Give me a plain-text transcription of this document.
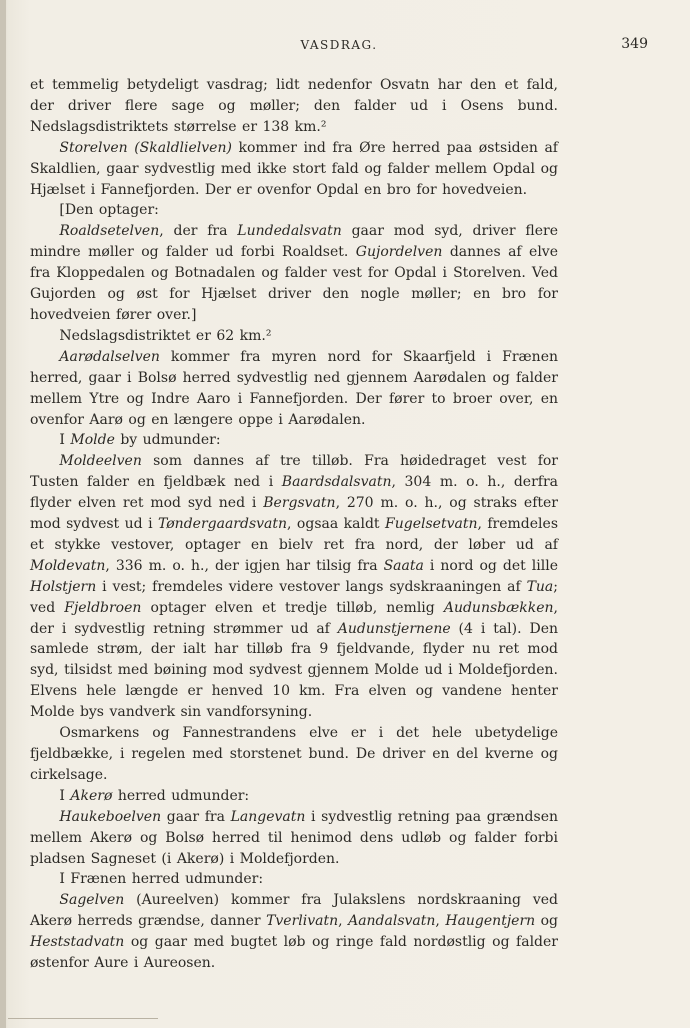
VASDRAG.	349

et temmelig betydeligt vasdrag; lidt nedenfor Osvatn har den et fald, der driver flere sage og møller; den falder ud i Osens bund. Nedslagsdistriktets størrelse er 138 km.²

Storelven (Skaldlielven) kommer ind fra Øre herred paa østsiden af Skaldlien, gaar sydvestlig med ikke stort fald og falder mellem Opdal og Hjælset i Fannefjorden. Der er ovenfor Opdal en bro for hovedveien.

[Den optager:

Roaldsetelven, der fra Lundedalsvatn gaar mod syd, driver flere mindre møller og falder ud forbi Roaldset. Gujordelven dannes af elve fra Kloppedalen og Botnadalen og falder vest for Opdal i Storelven. Ved Gujorden og øst for Hjælset driver den nogle møller; en bro for hovedveien fører over.]

Nedslagsdistriktet er 62 km.²

Aarødalselven kommer fra myren nord for Skaarfjeld i Frænen herred, gaar i Bolsø herred sydvestlig ned gjennem Aarødalen og falder mellem Ytre og Indre Aaro i Fannefjorden. Der fører to broer over, en ovenfor Aarø og en længere oppe i Aarødalen.

I Molde by udmunder:

Moldeelven som dannes af tre tilløb. Fra høidedraget vest for Tusten falder en fjeldbæk ned i Baardsdalsvatn, 304 m. o. h., derfra flyder elven ret mod syd ned i Bergsvatn, 270 m. o. h., og straks efter mod sydvest ud i Tøndergaardsvatn, ogsaa kaldt Fugelsetvatn, fremdeles et stykke vestover, optager en bielv ret fra nord, der løber ud af Moldevatn, 336 m. o. h., der igjen har tilsig fra Saata i nord og det lille Holstjern i vest; fremdeles videre vestover langs sydskraaningen af Tua; ved Fjeldbroen optager elven et tredje tilløb, nemlig Audunsbækken, der i sydvestlig retning strømmer ud af Audunstjernene (4 i tal). Den samlede strøm, der ialt har tilløb fra 9 fjeldvande, flyder nu ret mod syd, tilsidst med bøining mod sydvest gjennem Molde ud i Moldefjorden. Elvens hele længde er henved 10 km. Fra elven og vandene henter Molde bys vandverk sin vandforsyning.

Osmarkens og Fannestrandens elve er i det hele ubetydelige fjeldbække, i regelen med storstenet bund. De driver en del kverne og cirkelsage.

I Akerø herred udmunder:

Haukeboelven gaar fra Langevatn i sydvestlig retning paa grændsen mellem Akerø og Bolsø herred til henimod dens udløb og falder forbi pladsen Sagneset (i Akerø) i Moldefjorden.

I Frænen herred udmunder:

Sagelven (Aureelven) kommer fra Julakslens nordskraaning ved Akerø herreds grændse, danner Tverlivatn, Aandalsvatn, Haugentjern og Heststadvatn og gaar med bugtet løb og ringe fald nordøstlig og falder østenfor Aure i Aureosen.
